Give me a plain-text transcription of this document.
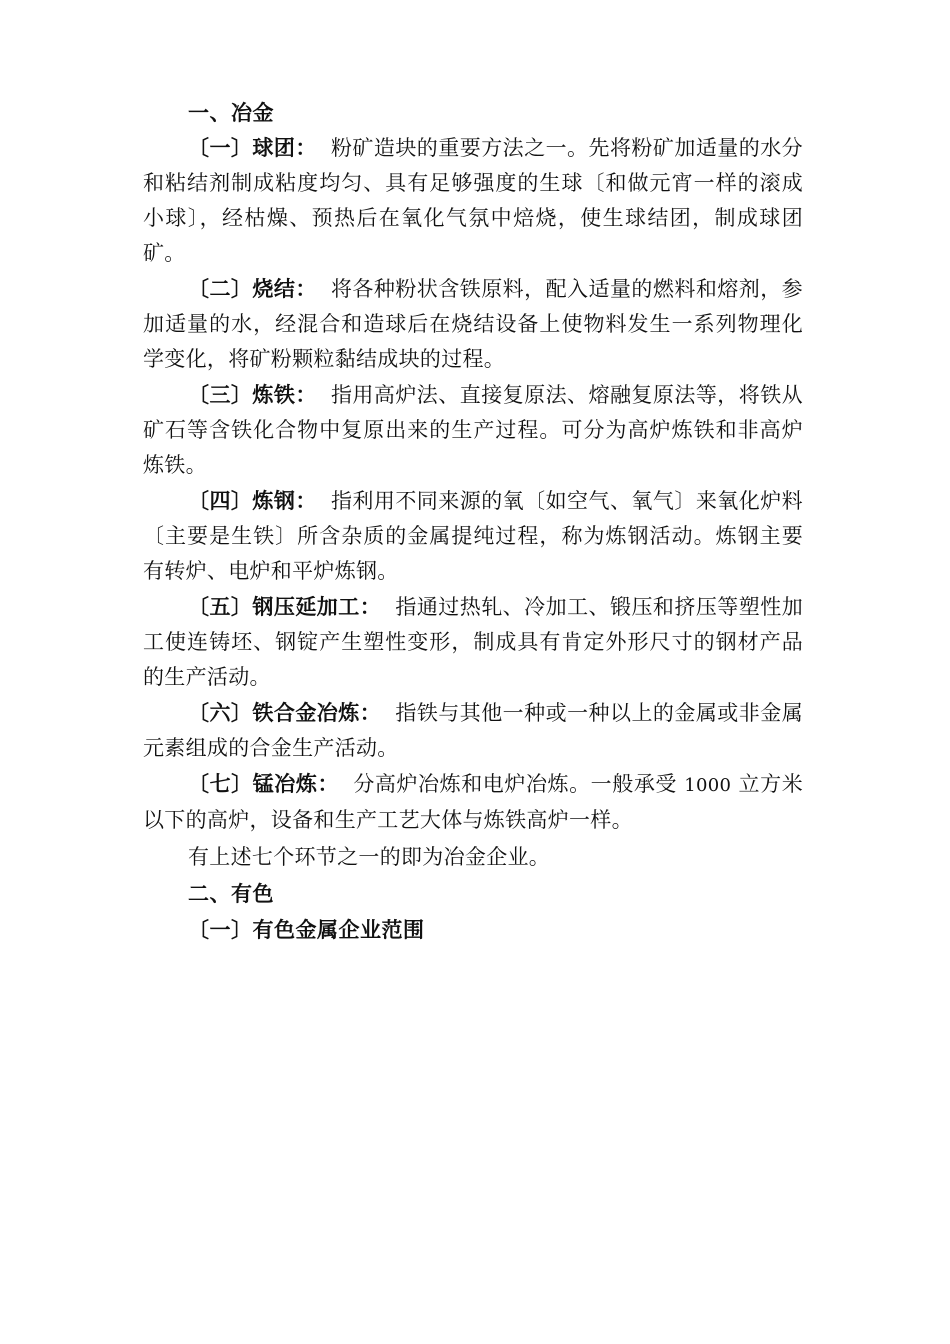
一、冶金

〔一〕球团： 粉矿造块的重要方法之一。先将粉矿加适量的水分和粘结剂制成粘度均匀、具有足够强度的生球〔和做元宵一样的滚成小球〕，经枯燥、预热后在氧化气氛中焙烧，使生球结团，制成球团矿。

〔二〕烧结： 将各种粉状含铁原料，配入适量的燃料和熔剂，参加适量的水，经混合和造球后在烧结设备上使物料发生一系列物理化学变化，将矿粉颗粒黏结成块的过程。

〔三〕炼铁： 指用高炉法、直接复原法、熔融复原法等，将铁从矿石等含铁化合物中复原出来的生产过程。可分为高炉炼铁和非高炉炼铁。

〔四〕炼钢： 指利用不同来源的氧〔如空气、氧气〕来氧化炉料〔主要是生铁〕所含杂质的金属提纯过程，称为炼钢活动。炼钢主要有转炉、电炉和平炉炼钢。

〔五〕钢压延加工： 指通过热轧、冷加工、锻压和挤压等塑性加工使连铸坯、钢锭产生塑性变形，制成具有肯定外形尺寸的钢材产品的生产活动。

〔六〕铁合金冶炼： 指铁与其他一种或一种以上的金属或非金属元素组成的合金生产活动。

〔七〕锰冶炼： 分高炉冶炼和电炉冶炼。一般承受 1000 立方米以下的高炉，设备和生产工艺大体与炼铁高炉一样。

有上述七个环节之一的即为冶金企业。

二、有色

〔一〕有色金属企业范围
